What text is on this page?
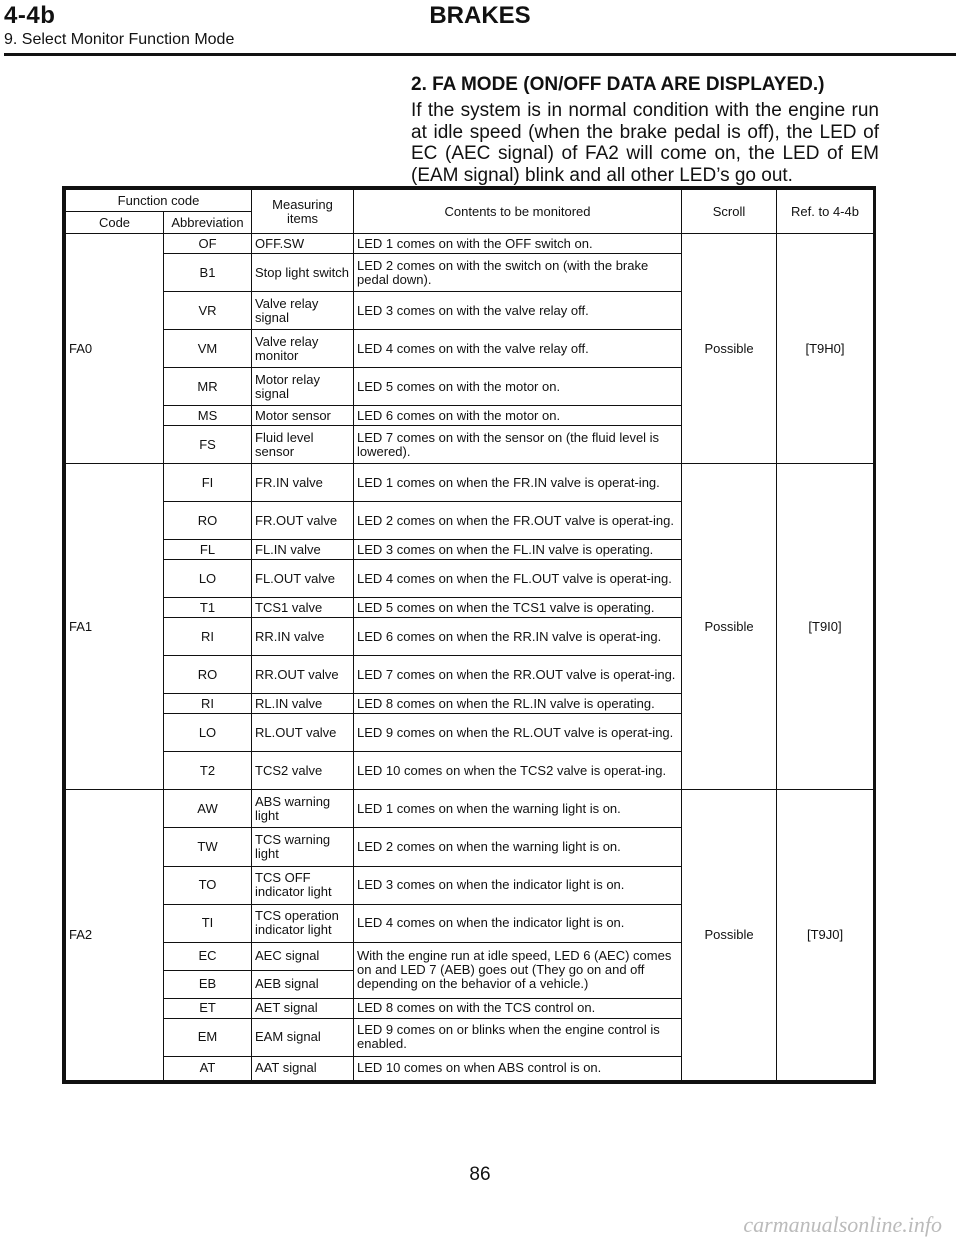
4-4b	BRAKES
9. Select Monitor Function Mode
2. FA MODE (ON/OFF DATA ARE DISPLAYED.)
If the system is in normal condition with the engine run at idle speed (when the brake pedal is off), the LED of EC (AEC signal) of FA2 will come on, the LED of EM (EAM signal) blink and all other LED’s go out.
Function code		Measuring items	Contents to be monitored	Scroll	Ref. to 4-4b
Code	Abbreviation				
FA0	OF	OFF.SW	LED 1 comes on with the OFF switch on.	Possible	[T9H0]
	B1	Stop light switch	LED 2 comes on with the switch on (with the brake pedal down).		
	VR	Valve relay signal	LED 3 comes on with the valve relay off.		
	VM	Valve relay monitor	LED 4 comes on with the valve relay off.		
	MR	Motor relay signal	LED 5 comes on with the motor on.		
	MS	Motor sensor	LED 6 comes on with the motor on.		
	FS	Fluid level sensor	LED 7 comes on with the sensor on (the fluid level is lowered).		
FA1	FI	FR.IN valve	LED 1 comes on when the FR.IN valve is operat-ing.	Possible	[T9I0]
	RO	FR.OUT valve	LED 2 comes on when the FR.OUT valve is operat-ing.		
	FL	FL.IN valve	LED 3 comes on when the FL.IN valve is operating.		
	LO	FL.OUT valve	LED 4 comes on when the FL.OUT valve is operat-ing.		
	T1	TCS1 valve	LED 5 comes on when the TCS1 valve is operating.		
	RI	RR.IN valve	LED 6 comes on when the RR.IN valve is operat-ing.		
	RO	RR.OUT valve	LED 7 comes on when the RR.OUT valve is operat-ing.		
	RI	RL.IN valve	LED 8 comes on when the RL.IN valve is operating.		
	LO	RL.OUT valve	LED 9 comes on when the RL.OUT valve is operat-ing.		
	T2	TCS2 valve	LED 10 comes on when the TCS2 valve is operat-ing.		
FA2	AW	ABS warning light	LED 1 comes on when the warning light is on.	Possible	[T9J0]
	TW	TCS warning light	LED 2 comes on when the warning light is on.		
	TO	TCS OFF indicator light	LED 3 comes on when the indicator light is on.		
	TI	TCS operation indicator light	LED 4 comes on when the indicator light is on.		
	EC	AEC signal	With the engine run at idle speed, LED 6 (AEC) comes on and LED 7 (AEB) goes out (They go on and off depending on the behavior of a vehicle.)		
	EB	AEB signal			
	ET	AET signal	LED 8 comes on with the TCS control on.		
	EM	EAM signal	LED 9 comes on or blinks when the engine control is enabled.		
	AT	AAT signal	LED 10 comes on when ABS control is on.		
86
carmanualsonline.info
